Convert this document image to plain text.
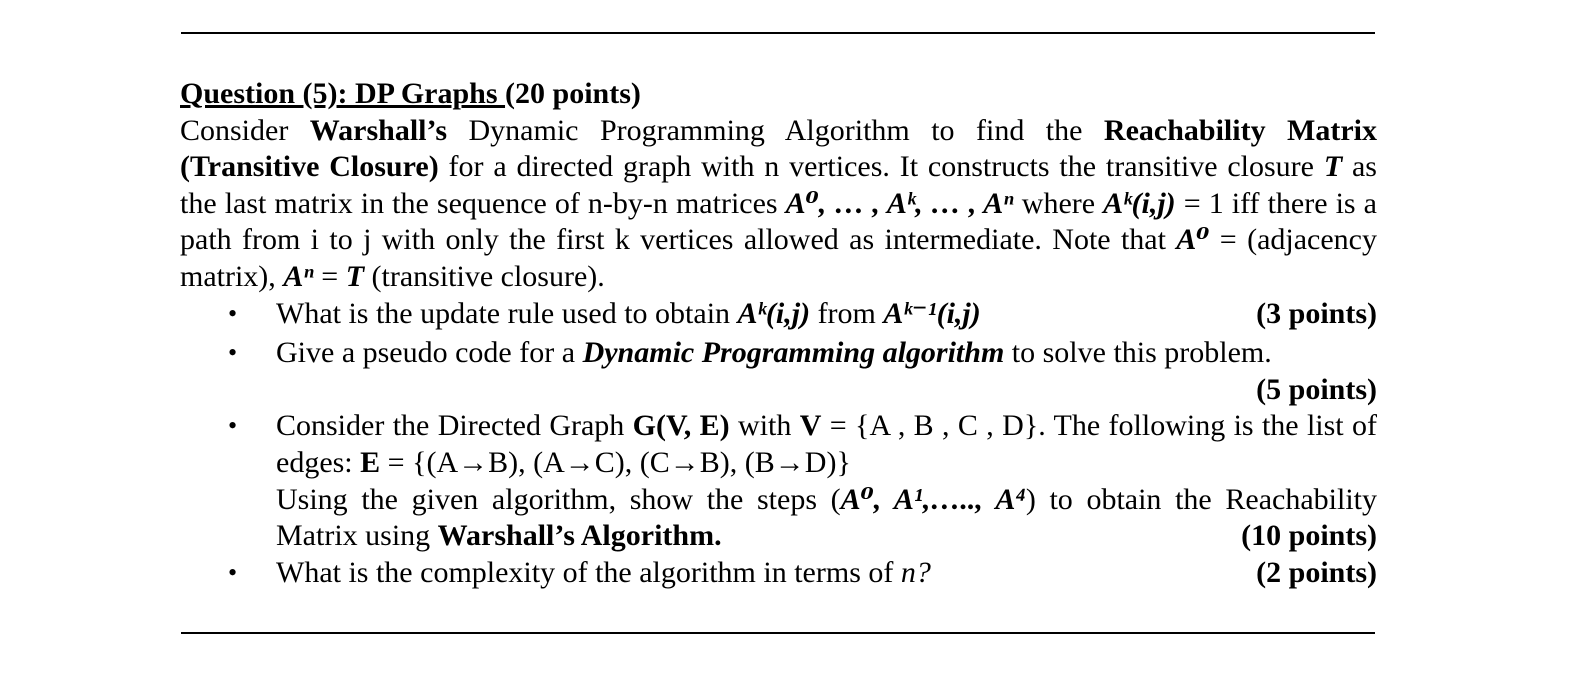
Question (5): DP Graphs (20 points)
Consider Warshall’s Dynamic Programming Algorithm to find the Reachability Matrix (Transitive Closure) for a directed graph with n vertices. It constructs the transitive closure T as the last matrix in the sequence of n-by-n matrices A⁰, … , Aᵏ, … , Aⁿ where Aᵏ(i,j) = 1 iff there is a path from i to j with only the first k vertices allowed as intermediate. Note that A⁰ = (adjacency matrix), Aⁿ = T (transitive closure).
• What is the update rule used to obtain Aᵏ(i,j) from Aᵏ⁻¹(i,j)	(3 points)
• Give a pseudo code for a Dynamic Programming algorithm to solve this problem.
(5 points)
• Consider the Directed Graph G(V, E) with V = {A , B , C , D}. The following is the list of edges: E = {(A→B), (A→C), (C→B), (B→D)}
Using the given algorithm, show the steps (A⁰, A¹,….., A⁴) to obtain the Reachability Matrix using Warshall’s Algorithm.	(10 points)
• What is the complexity of the algorithm in terms of n?	(2 points)
